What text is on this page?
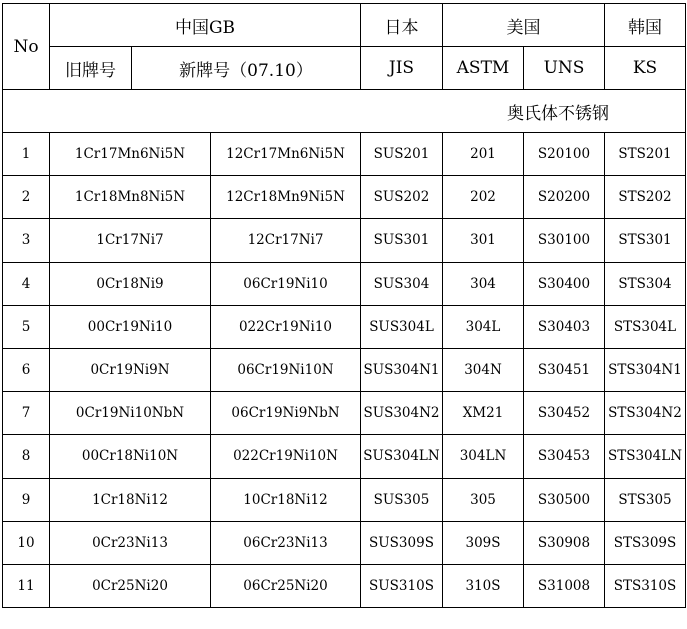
No	中国GB			日本	美国		韩国
	旧牌号	新牌号（07.10）		JIS	ASTM	UNS	KS
奥氏体不锈钢							
1	1Cr17Mn6Ni5N		12Cr17Mn6Ni5N	SUS201	201	S20100	STS201
2	1Cr18Mn8Ni5N		12Cr18Mn9Ni5N	SUS202	202	S20200	STS202
3	1Cr17Ni7		12Cr17Ni7	SUS301	301	S30100	STS301
4	0Cr18Ni9		06Cr19Ni10	SUS304	304	S30400	STS304
5	00Cr19Ni10		022Cr19Ni10	SUS304L	304L	S30403	STS304L
6	0Cr19Ni9N		06Cr19Ni10N	SUS304N1	304N	S30451	STS304N1
7	0Cr19Ni10NbN		06Cr19Ni9NbN	SUS304N2	XM21	S30452	STS304N2
8	00Cr18Ni10N		022Cr19Ni10N	SUS304LN	304LN	S30453	STS304LN
9	1Cr18Ni12		10Cr18Ni12	SUS305	305	S30500	STS305
10	0Cr23Ni13		06Cr23Ni13	SUS309S	309S	S30908	STS309S
11	0Cr25Ni20		06Cr25Ni20	SUS310S	310S	S31008	STS310S
